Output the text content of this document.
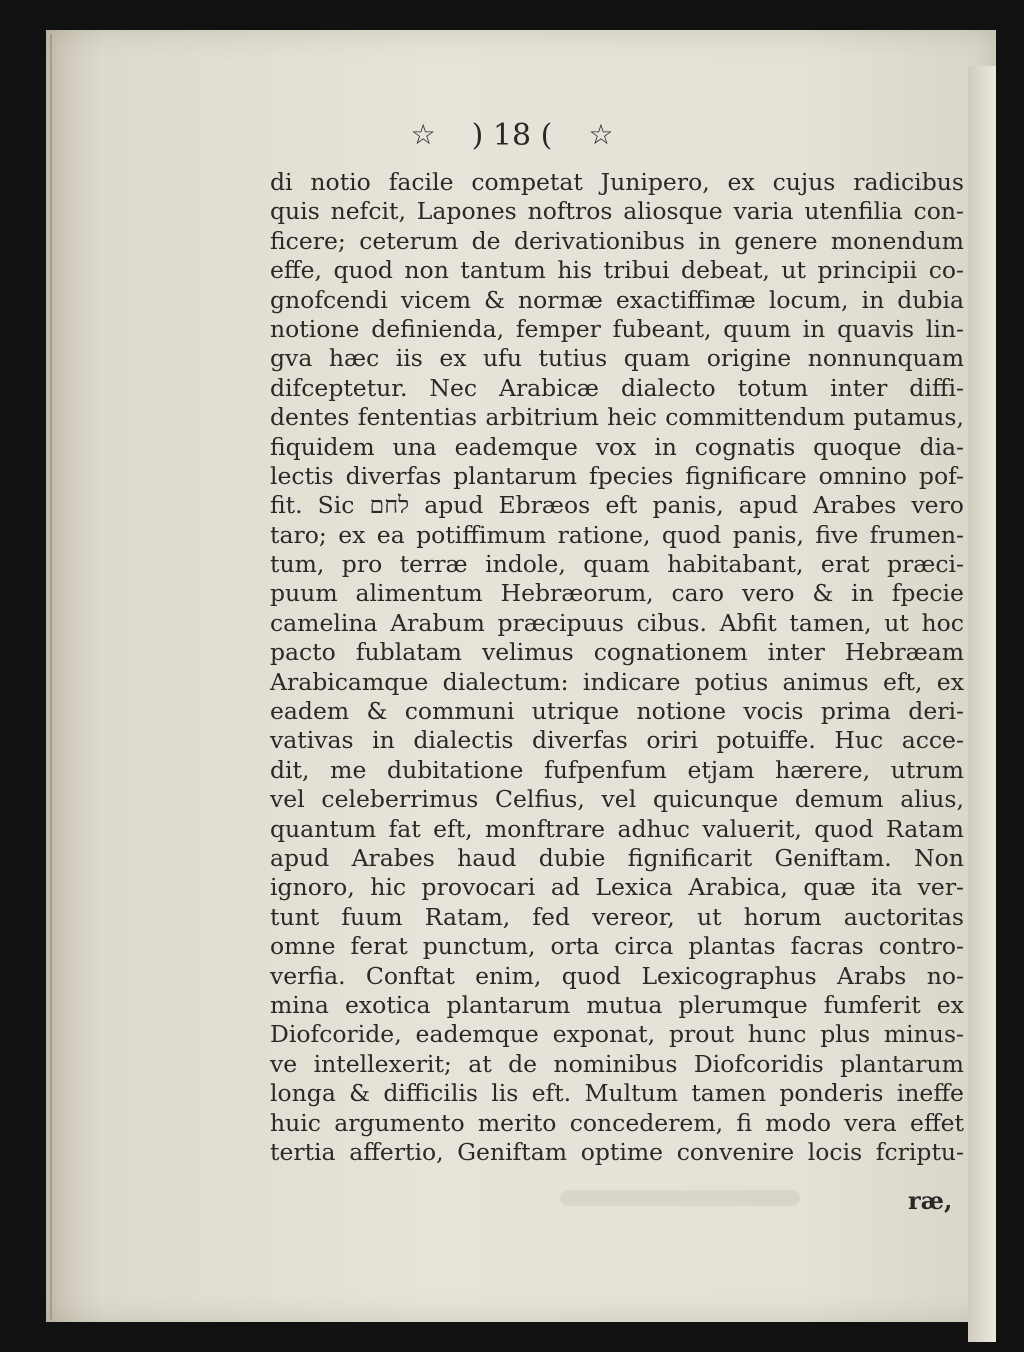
☆ ) 18 ( ☆
di notio facile competat Junipero, ex cujus radicibus
quis nefcit, Lapones noftros aliosque varia utenfilia con-
ficere; ceterum de derivationibus in genere monendum
effe, quod non tantum his tribui debeat, ut principii co-
gnofcendi vicem & normæ exactiffimæ locum, in dubia
notione definienda, femper fubeant, quum in quavis lin-
gva hæc iis ex ufu tutius quam origine nonnunquam
difceptetur. Nec Arabicæ dialecto totum inter diffi-
dentes fententias arbitrium heic committendum putamus,
fiquidem una eademque vox in cognatis quoque dia-
lectis diverfas plantarum fpecies fignificare omnino pof-
fit. Sic לחם apud Ebræos eft panis, apud Arabes vero
taro; ex ea potiffimum ratione, quod panis, five frumen-
tum, pro terræ indole, quam habitabant, erat præci-
puum alimentum Hebræorum, caro vero & in fpecie
camelina Arabum præcipuus cibus. Abfit tamen, ut hoc
pacto fublatam velimus cognationem inter Hebræam
Arabicamque dialectum: indicare potius animus eft, ex
eadem & communi utrique notione vocis prima deri-
vativas in dialectis diverfas oriri potuiffe. Huc acce-
dit, me dubitatione fufpenfum etjam hærere, utrum
vel celeberrimus Celfius, vel quicunque demum alius,
quantum fat eft, monftrare adhuc valuerit, quod Ratam
apud Arabes haud dubie fignificarit Geniftam. Non
ignoro, hic provocari ad Lexica Arabica, quæ ita ver-
tunt fuum Ratam, fed vereor, ut horum auctoritas
omne ferat punctum, orta circa plantas facras contro-
verfia. Conftat enim, quod Lexicographus Arabs no-
mina exotica plantarum mutua plerumque fumferit ex
Diofcoride, eademque exponat, prout hunc plus minus-
ve intellexerit; at de nominibus Diofcoridis plantarum
longa & difficilis lis eft. Multum tamen ponderis ineffe
huic argumento merito concederem, fi modo vera effet
tertia affertio, Geniftam optime convenire locis fcriptu-
ræ,
